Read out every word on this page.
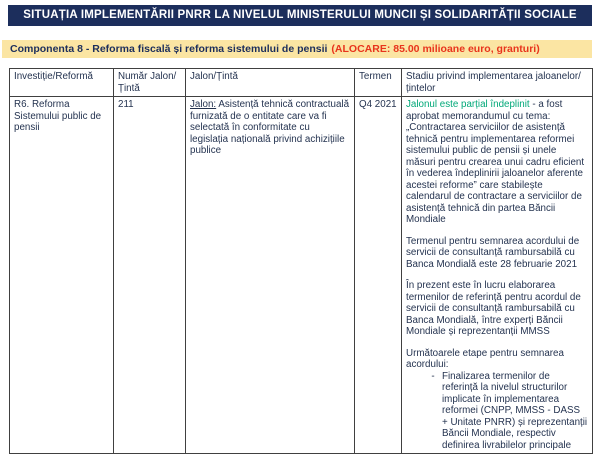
SITUAȚIA IMPLEMENTĂRII PNRR LA NIVELUL MINISTERULUI MUNCII ȘI SOLIDARITĂȚII SOCIALE
Componenta 8 - Reforma fiscală și reforma sistemului de pensii (ALOCARE: 85.00 milioane euro, granturi)
Investiție/Reformă	Număr Jalon/Țintă	Jalon/Țintă	Termen	Stadiu privind implementarea jaloanelor/țintelor
R6. Reforma Sistemului public de pensii	211	Jalon: Asistență tehnică contractuală furnizată de o entitate care va fi selectată în conformitate cu legislația națională privind achizițiile publice	Q4 2021	Jalonul este parțial îndeplinit - a fost aprobat memorandumul cu tema: „Contractarea serviciilor de asistență tehnică pentru implementarea reformei sistemului public de pensii și unele măsuri pentru crearea unui cadru eficient în vederea îndeplinirii jaloanelor aferente acestei reforme” care stabilește calendarul de contractare a serviciilor de asistență tehnică din partea Băncii Mondiale
Termenul pentru semnarea acordului de servicii de consultanță rambursabilă cu Banca Mondială este 28 februarie 2021
În prezent este în lucru elaborarea termenilor de referință pentru acordul de servicii de consultanță rambursabilă cu Banca Mondială, între experți Băncii Mondiale și reprezentanții MMSS
Următoarele etape pentru semnarea acordului:
- Finalizarea termenilor de referință la nivelul structurilor implicate în implementarea reformei (CNPP, MMSS - DASS + Unitate PNRR) și reprezentanții Băncii Mondiale, respectiv definirea livrabilelor principale
